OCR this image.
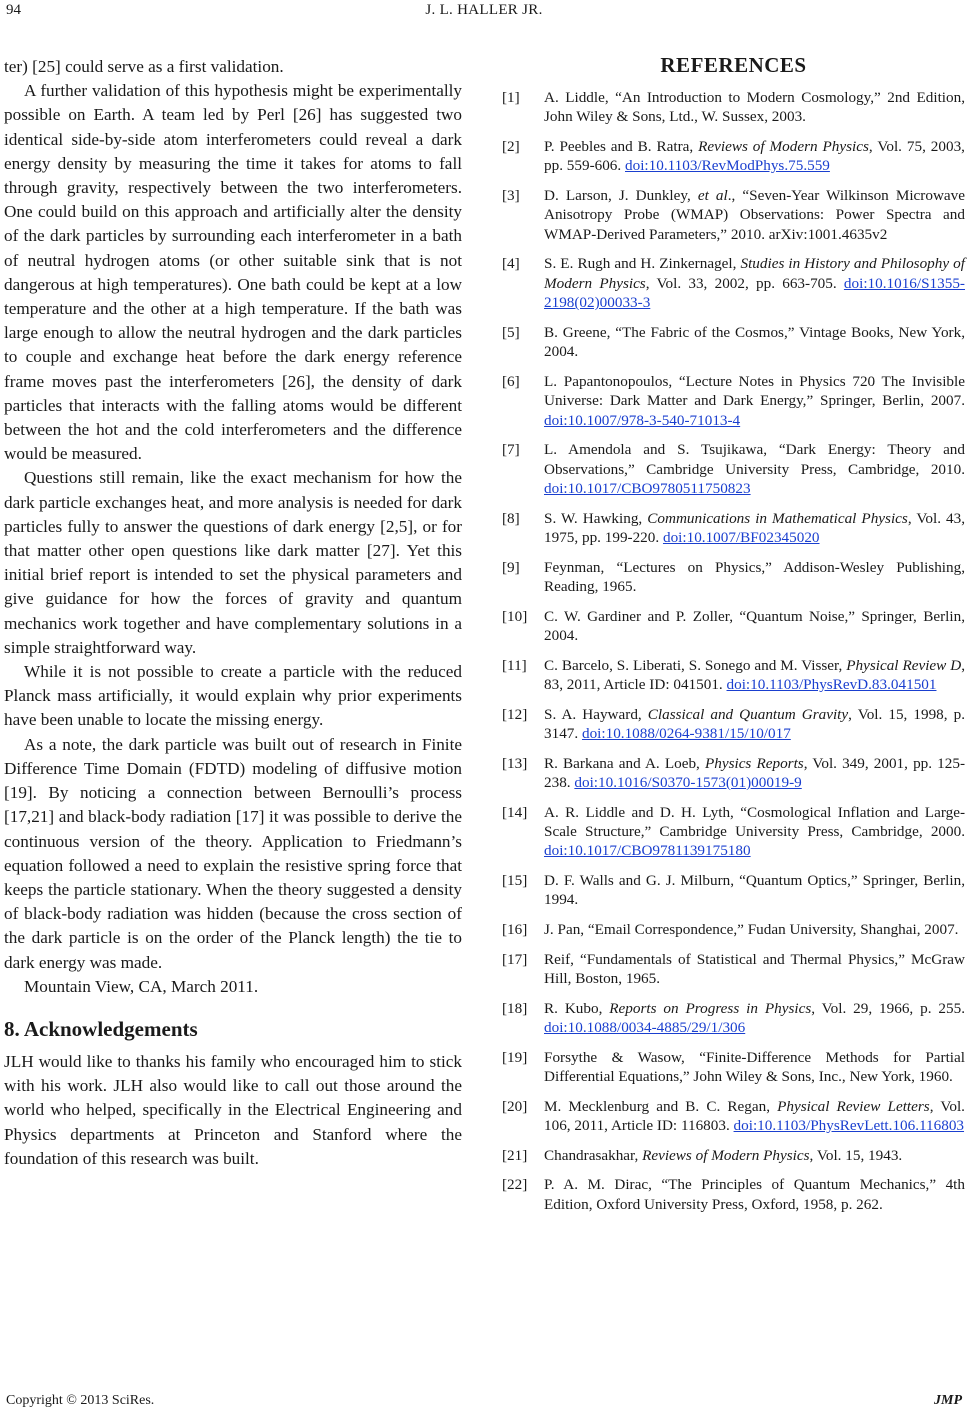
94	J. L. HALLER JR.

ter) [25] could serve as a first validation.

A further validation of this hypothesis might be experimentally possible on Earth. A team led by Perl [26] has suggested two identical side-by-side atom interferometers could reveal a dark energy density by measuring the time it takes for atoms to fall through gravity, respectively between the two interferometers. One could build on this approach and artificially alter the density of the dark particles by surrounding each interferometer in a bath of neutral hydrogen atoms (or other suitable sink that is not dangerous at high temperatures). One bath could be kept at a low temperature and the other at a high temperature. If the bath was large enough to allow the neutral hydrogen and the dark particles to couple and exchange heat before the dark energy reference frame moves past the interferometers [26], the density of dark particles that interacts with the falling atoms would be different between the hot and the cold interferometers and the difference would be measured.

Questions still remain, like the exact mechanism for how the dark particle exchanges heat, and more analysis is needed for dark particles fully to answer the questions of dark energy [2,5], or for that matter other open questions like dark matter [27]. Yet this initial brief report is intended to set the physical parameters and give guidance for how the forces of gravity and quantum mechanics work together and have complementary solutions in a simple straightforward way.

While it is not possible to create a particle with the reduced Planck mass artificially, it would explain why prior experiments have been unable to locate the missing energy.

As a note, the dark particle was built out of research in Finite Difference Time Domain (FDTD) modeling of diffusive motion [19]. By noticing a connection between Bernoulli’s process [17,21] and black-body radiation [17] it was possible to derive the continuous version of the theory. Application to Friedmann’s equation followed a need to explain the resistive spring force that keeps the particle stationary. When the theory suggested a density of black-body radiation was hidden (because the cross section of the dark particle is on the order of the Planck length) the tie to dark energy was made.

Mountain View, CA, March 2011.

8. Acknowledgements

JLH would like to thanks his family who encouraged him to stick with his work. JLH also would like to call out those around the world who helped, specifically in the Electrical Engineering and Physics departments at Princeton and Stanford where the foundation of this research was built.

REFERENCES
[1] A. Liddle, “An Introduction to Modern Cosmology,” 2nd Edition, John Wiley & Sons, Ltd., W. Sussex, 2003.
[2] P. Peebles and B. Ratra, Reviews of Modern Physics, Vol. 75, 2003, pp. 559-606. doi:10.1103/RevModPhys.75.559
[3] D. Larson, J. Dunkley, et al., “Seven-Year Wilkinson Microwave Anisotropy Probe (WMAP) Observations: Power Spectra and WMAP-Derived Parameters,” 2010. arXiv:1001.4635v2
[4] S. E. Rugh and H. Zinkernagel, Studies in History and Philosophy of Modern Physics, Vol. 33, 2002, pp. 663-705. doi:10.1016/S1355-2198(02)00033-3
[5] B. Greene, “The Fabric of the Cosmos,” Vintage Books, New York, 2004.
[6] L. Papantonopoulos, “Lecture Notes in Physics 720 The Invisible Universe: Dark Matter and Dark Energy,” Springer, Berlin, 2007. doi:10.1007/978-3-540-71013-4
[7] L. Amendola and S. Tsujikawa, “Dark Energy: Theory and Observations,” Cambridge University Press, Cambridge, 2010. doi:10.1017/CBO9780511750823
[8] S. W. Hawking, Communications in Mathematical Physics, Vol. 43, 1975, pp. 199-220. doi:10.1007/BF02345020
[9] Feynman, “Lectures on Physics,” Addison-Wesley Publishing, Reading, 1965.
[10] C. W. Gardiner and P. Zoller, “Quantum Noise,” Springer, Berlin, 2004.
[11] C. Barcelo, S. Liberati, S. Sonego and M. Visser, Physical Review D, 83, 2011, Article ID: 041501. doi:10.1103/PhysRevD.83.041501
[12] S. A. Hayward, Classical and Quantum Gravity, Vol. 15, 1998, p. 3147. doi:10.1088/0264-9381/15/10/017
[13] R. Barkana and A. Loeb, Physics Reports, Vol. 349, 2001, pp. 125-238. doi:10.1016/S0370-1573(01)00019-9
[14] A. R. Liddle and D. H. Lyth, “Cosmological Inflation and Large-Scale Structure,” Cambridge University Press, Cambridge, 2000. doi:10.1017/CBO9781139175180
[15] D. F. Walls and G. J. Milburn, “Quantum Optics,” Springer, Berlin, 1994.
[16] J. Pan, “Email Correspondence,” Fudan University, Shanghai, 2007.
[17] Reif, “Fundamentals of Statistical and Thermal Physics,” McGraw Hill, Boston, 1965.
[18] R. Kubo, Reports on Progress in Physics, Vol. 29, 1966, p. 255. doi:10.1088/0034-4885/29/1/306
[19] Forsythe & Wasow, “Finite-Difference Methods for Partial Differential Equations,” John Wiley & Sons, Inc., New York, 1960.
[20] M. Mecklenburg and B. C. Regan, Physical Review Letters, Vol. 106, 2011, Article ID: 116803. doi:10.1103/PhysRevLett.106.116803
[21] Chandrasakhar, Reviews of Modern Physics, Vol. 15, 1943.
[22] P. A. M. Dirac, “The Principles of Quantum Mechanics,” 4th Edition, Oxford University Press, Oxford, 1958, p. 262.
Copyright © 2013 SciRes.	JMP
